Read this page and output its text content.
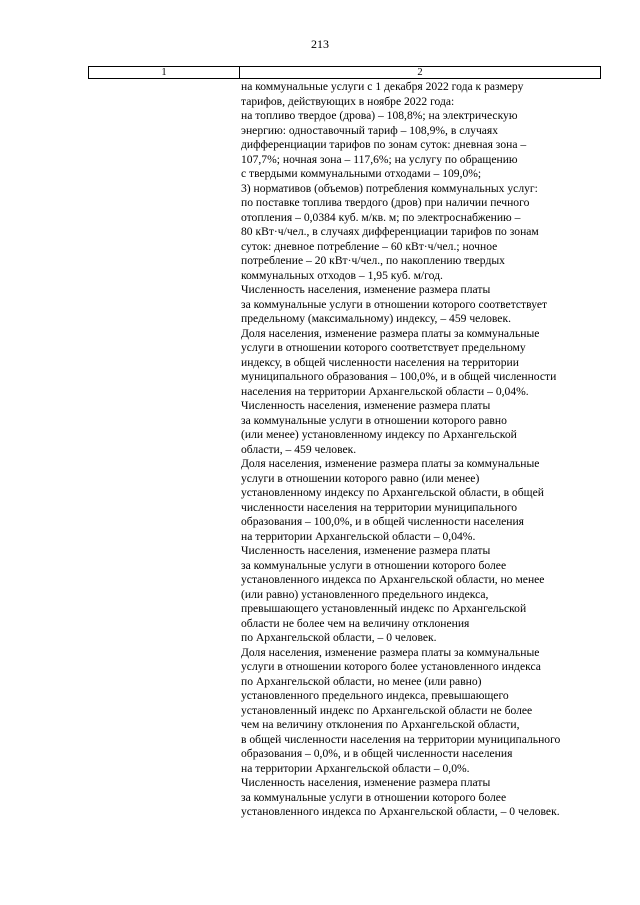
213
1	2
на коммунальные услуги с 1 декабря 2022 года к размеру
тарифов, действующих в ноябре 2022 года:
на топливо твердое (дрова) – 108,8%; на электрическую
энергию: одноставочный тариф – 108,9%, в случаях
дифференциации тарифов по зонам суток: дневная зона –
107,7%; ночная зона – 117,6%; на услугу по обращению
с твердыми коммунальными отходами – 109,0%;
3) нормативов (объемов) потребления коммунальных услуг:
по поставке топлива твердого (дров) при наличии печного
отопления – 0,0384 куб. м/кв. м; по электроснабжению –
80 кВт·ч/чел., в случаях дифференциации тарифов по зонам
суток: дневное потребление – 60 кВт·ч/чел.; ночное
потребление – 20 кВт·ч/чел., по накоплению твердых
коммунальных отходов – 1,95 куб. м/год.
Численность населения, изменение размера платы
за коммунальные услуги в отношении которого соответствует
предельному (максимальному) индексу, – 459 человек.
Доля населения, изменение размера платы за коммунальные
услуги в отношении которого соответствует предельному
индексу, в общей численности населения на территории
муниципального образования – 100,0%, и в общей численности
населения на территории Архангельской области – 0,04%.
Численность населения, изменение размера платы
за коммунальные услуги в отношении которого равно
(или менее) установленному индексу по Архангельской
области, – 459 человек.
Доля населения, изменение размера платы за коммунальные
услуги в отношении которого равно (или менее)
установленному индексу по Архангельской области, в общей
численности населения на территории муниципального
образования – 100,0%, и в общей численности населения
на территории Архангельской области – 0,04%.
Численность населения, изменение размера платы
за коммунальные услуги в отношении которого более
установленного индекса по Архангельской области, но менее
(или равно) установленного предельного индекса,
превышающего установленный индекс по Архангельской
области не более чем на величину отклонения
по Архангельской области, – 0 человек.
Доля населения, изменение размера платы за коммунальные
услуги в отношении которого более установленного индекса
по Архангельской области, но менее (или равно)
установленного предельного индекса, превышающего
установленный индекс по Архангельской области не более
чем на величину отклонения по Архангельской области,
в общей численности населения на территории муниципального
образования – 0,0%, и в общей численности населения
на территории Архангельской области – 0,0%.
Численность населения, изменение размера платы
за коммунальные услуги в отношении которого более
установленного индекса по Архангельской области, – 0 человек.
